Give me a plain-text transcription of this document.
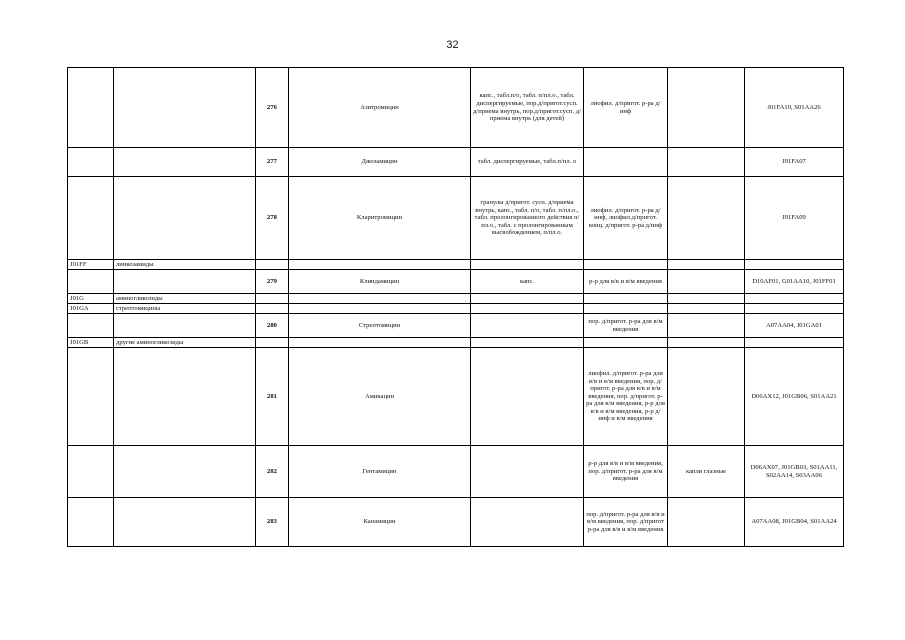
32
		276	Азитромицин	капс., табл.п/о, табл. п/пл.о., табл. диспергируемые, пор.д/пригот.сусп. д/приема внутрь, пор.д/пригот.сусп. д/приема внутрь (для детей)	лиофил. д/пригот. р-ра д/инф		J01FA10, S01AA26
		277	Джозамицин	табл. диспергируемые, табл.п/пл. о			J01FA07
		278	Кларитромицин	гранулы д/пригот. сусп. д/приема внутрь, капс., табл. п/о, табл. п/пл.о., табл. пролонгированного действия п/пл.о., табл. с пролонгированным высвобождением, п/пл.о.	лиофил. д/пригот. р-ра д/инф, лиофил.д/пригот. конц. д/пригот. р-ра д/инф		J01FA09
J01FF	линкозамиды						
		279	Клиндамицин	капс.	р-р для в/в и в/м введения		D10AF01, G01AA10, J01FF01
J01G	аминогликозиды						
J01GA	стрептомицины						
		280	Стрептомицин		пор. д/пригот. р-ра для в/м введения		A07AA04, J01GA01
J01GB	другие аминогликозиды						
		281	Амикацин		лиофил. д/пригот. р-ра для в/в и в/м введения, пор. д/пригот. р-ра для в/в и в/м введения, пор. д/пригот. р-ра для в/м введения, р-р для в/в и в/м введения, р-р д/инф и в/м введения		D06AX12, J01GB06, S01AA21
		282	Гентамицин		р-р для в/в и в/м введения, пор. д/пригот. р-ра для в/м введения	капли глазные	D06AX07, J01GB03, S01AA11, S02AA14, S03AA06
		283	Канамицин		пор. д/пригот. р-ра для в/в и в/м введения, пор. д/пригот р-ра для в/в и в/м введения		A07AA08, J01GB04, S01AA24
